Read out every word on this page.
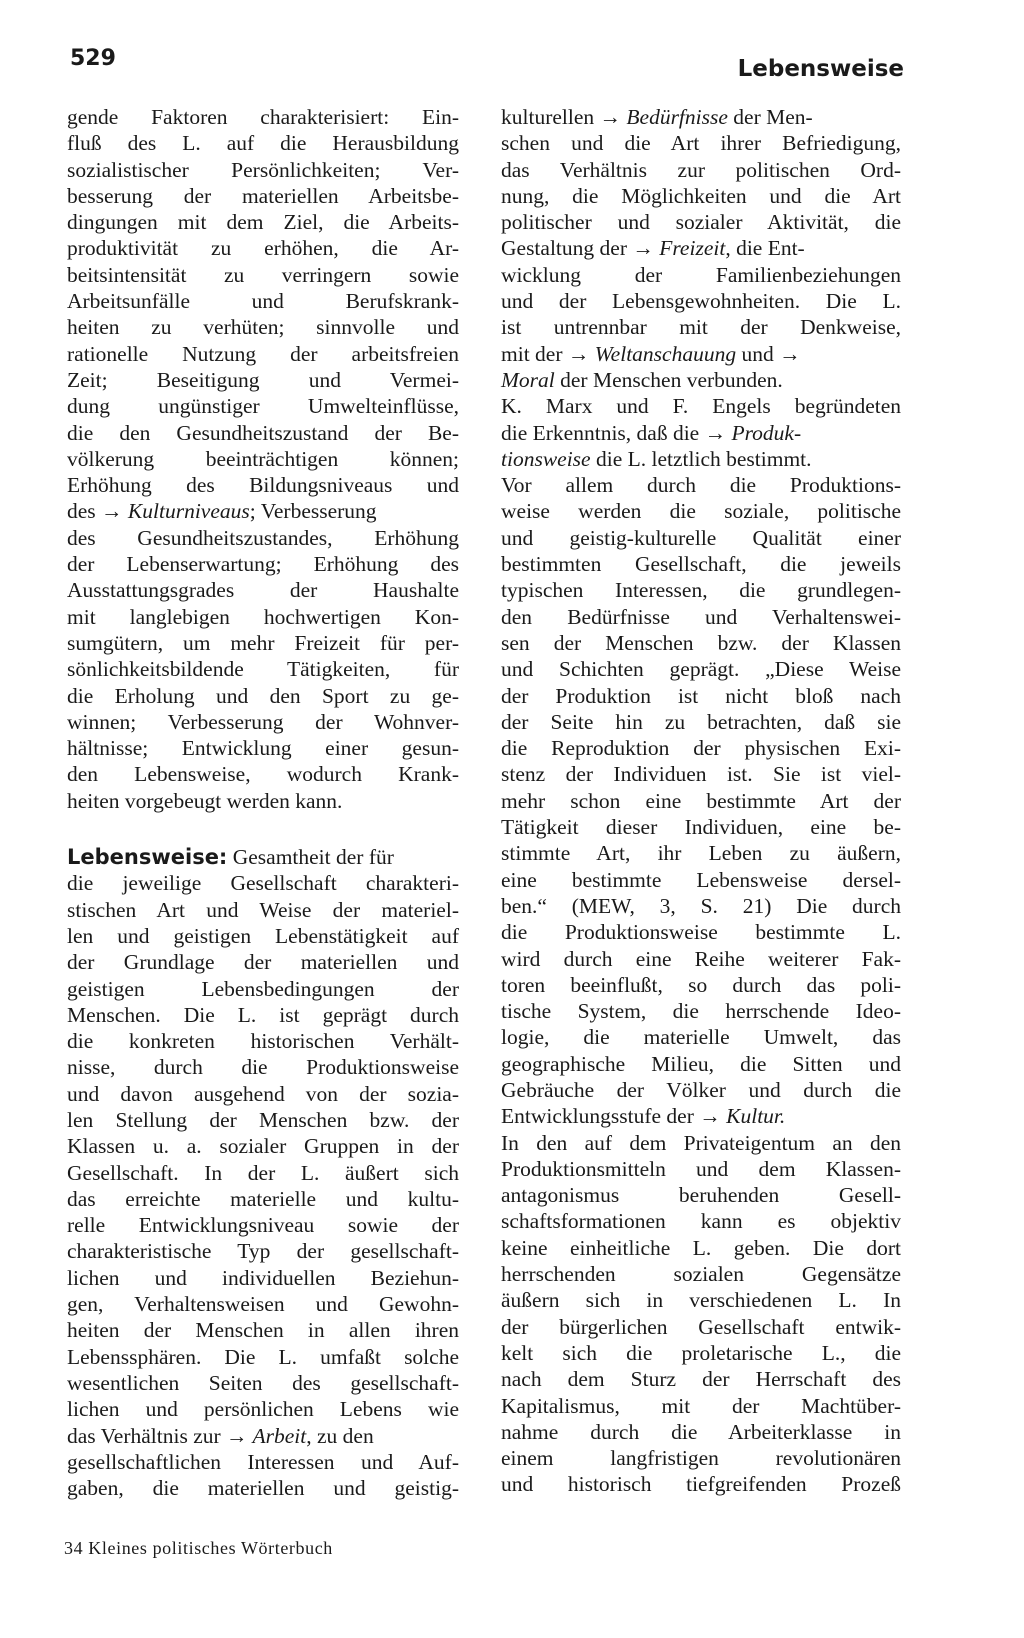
529	Lebensweise
gende Faktoren charakterisiert: Ein-
fluß des L. auf die Herausbildung
sozialistischer Persönlichkeiten; Ver-
besserung der materiellen Arbeitsbe-
dingungen mit dem Ziel, die Arbeits-
produktivität zu erhöhen, die Ar-
beitsintensität zu verringern sowie
Arbeitsunfälle und Berufskrank-
heiten zu verhüten; sinnvolle und
rationelle Nutzung der arbeitsfreien
Zeit; Beseitigung und Vermei-
dung ungünstiger Umwelteinflüsse,
die den Gesundheitszustand der Be-
völkerung beeinträchtigen können;
Erhöhung des Bildungsniveaus und
des → Kulturniveaus; Verbesserung
des Gesundheitszustandes, Erhöhung
der Lebenserwartung; Erhöhung des
Ausstattungsgrades der Haushalte
mit langlebigen hochwertigen Kon-
sumgütern, um mehr Freizeit für per-
sönlichkeitsbildende Tätigkeiten, für
die Erholung und den Sport zu ge-
winnen; Verbesserung der Wohnver-
hältnisse; Entwicklung einer gesun-
den Lebensweise, wodurch Krank-
heiten vorgebeugt werden kann.
Lebensweise: Gesamtheit der für
die jeweilige Gesellschaft charakteri-
stischen Art und Weise der materiel-
len und geistigen Lebenstätigkeit auf
der Grundlage der materiellen und
geistigen Lebensbedingungen der
Menschen. Die L. ist geprägt durch
die konkreten historischen Verhält-
nisse, durch die Produktionsweise
und davon ausgehend von der sozia-
len Stellung der Menschen bzw. der
Klassen u. a. sozialer Gruppen in der
Gesellschaft. In der L. äußert sich
das erreichte materielle und kultu-
relle Entwicklungsniveau sowie der
charakteristische Typ der gesellschaft-
lichen und individuellen Beziehun-
gen, Verhaltensweisen und Gewohn-
heiten der Menschen in allen ihren
Lebenssphären. Die L. umfaßt solche
wesentlichen Seiten des gesellschaft-
lichen und persönlichen Lebens wie
das Verhältnis zur → Arbeit, zu den
gesellschaftlichen Interessen und Auf-
gaben, die materiellen und geistig-
kulturellen → Bedürfnisse der Men-
schen und die Art ihrer Befriedigung,
das Verhältnis zur politischen Ord-
nung, die Möglichkeiten und die Art
politischer und sozialer Aktivität, die
Gestaltung der → Freizeit, die Ent-
wicklung der Familienbeziehungen
und der Lebensgewohnheiten. Die L.
ist untrennbar mit der Denkweise,
mit der → Weltanschauung und →
Moral der Menschen verbunden.
K. Marx und F. Engels begründeten
die Erkenntnis, daß die → Produk-
tionsweise die L. letztlich bestimmt.
Vor allem durch die Produktions-
weise werden die soziale, politische
und geistig-kulturelle Qualität einer
bestimmten Gesellschaft, die jeweils
typischen Interessen, die grundlegen-
den Bedürfnisse und Verhaltenswei-
sen der Menschen bzw. der Klassen
und Schichten geprägt. „Diese Weise
der Produktion ist nicht bloß nach
der Seite hin zu betrachten, daß sie
die Reproduktion der physischen Exi-
stenz der Individuen ist. Sie ist viel-
mehr schon eine bestimmte Art der
Tätigkeit dieser Individuen, eine be-
stimmte Art, ihr Leben zu äußern,
eine bestimmte Lebensweise dersel-
ben.“ (MEW, 3, S. 21) Die durch
die Produktionsweise bestimmte L.
wird durch eine Reihe weiterer Fak-
toren beeinflußt, so durch das poli-
tische System, die herrschende Ideo-
logie, die materielle Umwelt, das
geographische Milieu, die Sitten und
Gebräuche der Völker und durch die
Entwicklungsstufe der → Kultur.
In den auf dem Privateigentum an den
Produktionsmitteln und dem Klassen-
antagonismus beruhenden Gesell-
schaftsformationen kann es objektiv
keine einheitliche L. geben. Die dort
herrschenden sozialen Gegensätze
äußern sich in verschiedenen L. In
der bürgerlichen Gesellschaft entwik-
kelt sich die proletarische L., die
nach dem Sturz der Herrschaft des
Kapitalismus, mit der Machtüber-
nahme durch die Arbeiterklasse in
einem langfristigen revolutionären
und historisch tiefgreifenden Prozeß
34 Kleines politisches Wörterbuch
